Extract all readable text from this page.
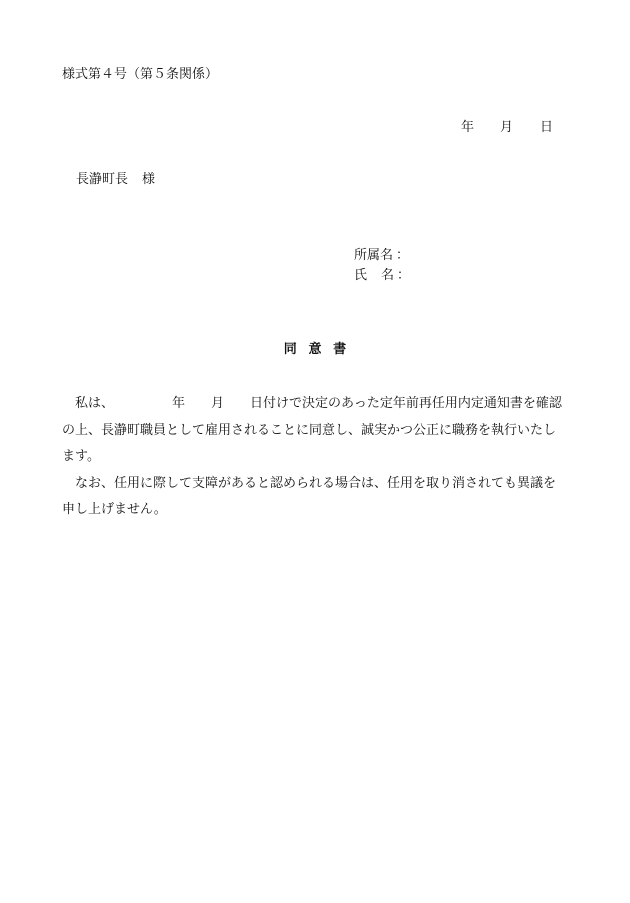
様式第４号（第５条関係）
年 月 日
長瀞町長 様
所属名 ：
氏 名 ：
同意書

私は、	年 月 日付けで決定のあった定年前再任用内定通知書を確認の上、長瀞町職員として雇用されることに同意し、誠実かつ公正に職務を執行いたします。

なお、任用に際して支障があると認められる場合は、任用を取り消されても異議を申し上げません。
